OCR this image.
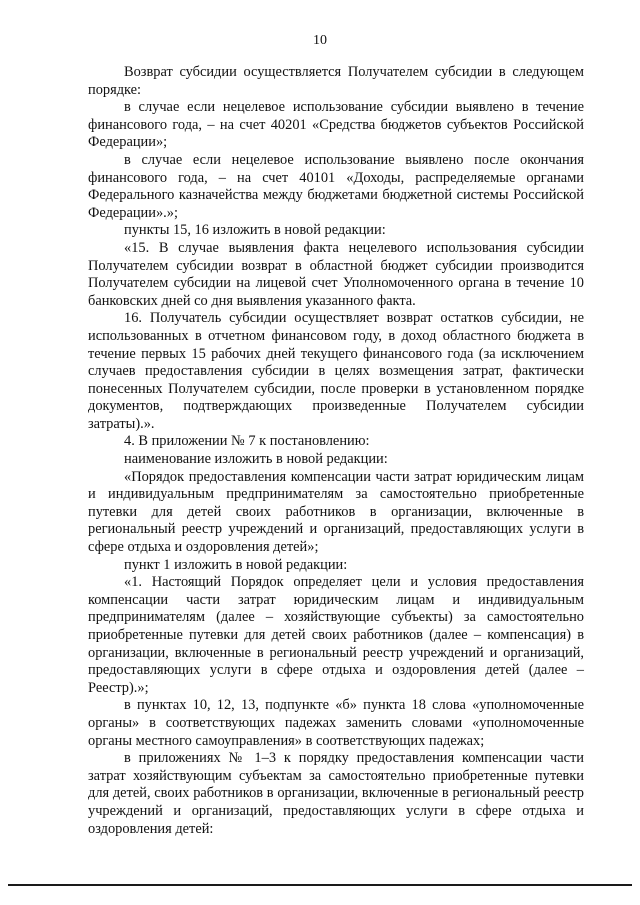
10

Возврат субсидии осуществляется Получателем субсидии в следующем порядке:

в случае если нецелевое использование субсидии выявлено в течение финансового года, – на счет 40201 «Средства бюджетов субъектов Российской Федерации»;

в случае если нецелевое использование выявлено после окончания финансового года, – на счет 40101 «Доходы, распределяемые органами Федерального казначейства между бюджетами бюджетной системы Российской Федерации».»;

пункты 15, 16 изложить в новой редакции:

«15. В случае выявления факта нецелевого использования субсидии Получателем субсидии возврат в областной бюджет субсидии производится Получателем субсидии на лицевой счет Уполномоченного органа в течение 10 банковских дней со дня выявления указанного факта.

16. Получатель субсидии осуществляет возврат остатков субсидии, не использованных в отчетном финансовом году, в доход областного бюджета в течение первых 15 рабочих дней текущего финансового года (за исключением случаев предоставления субсидии в целях возмещения затрат, фактически понесенных Получателем субсидии, после проверки в установленном порядке документов, подтверждающих произведенные Получателем субсидии затраты).».

4. В приложении № 7 к постановлению:

наименование изложить в новой редакции:

«Порядок предоставления компенсации части затрат юридическим лицам и индивидуальным предпринимателям за самостоятельно приобретенные путевки для детей своих работников в организации, включенные в региональный реестр учреждений и организаций, предоставляющих услуги в сфере отдыха и оздоровления детей»;

пункт 1 изложить в новой редакции:

«1. Настоящий Порядок определяет цели и условия предоставления компенсации части затрат юридическим лицам и индивидуальным предпринимателям (далее – хозяйствующие субъекты) за самостоятельно приобретенные путевки для детей своих работников (далее – компенсация) в организации, включенные в региональный реестр учреждений и организаций, предоставляющих услуги в сфере отдыха и оздоровления детей (далее – Реестр).»;

в пунктах 10, 12, 13, подпункте «б» пункта 18 слова «уполномоченные органы» в соответствующих падежах заменить словами «уполномоченные органы местного самоуправления» в соответствующих падежах;

в приложениях № 1–3 к порядку предоставления компенсации части затрат хозяйствующим субъектам за самостоятельно приобретенные путевки для детей, своих работников в организации, включенные в региональный реестр учреждений и организаций, предоставляющих услуги в сфере отдыха и оздоровления детей:
